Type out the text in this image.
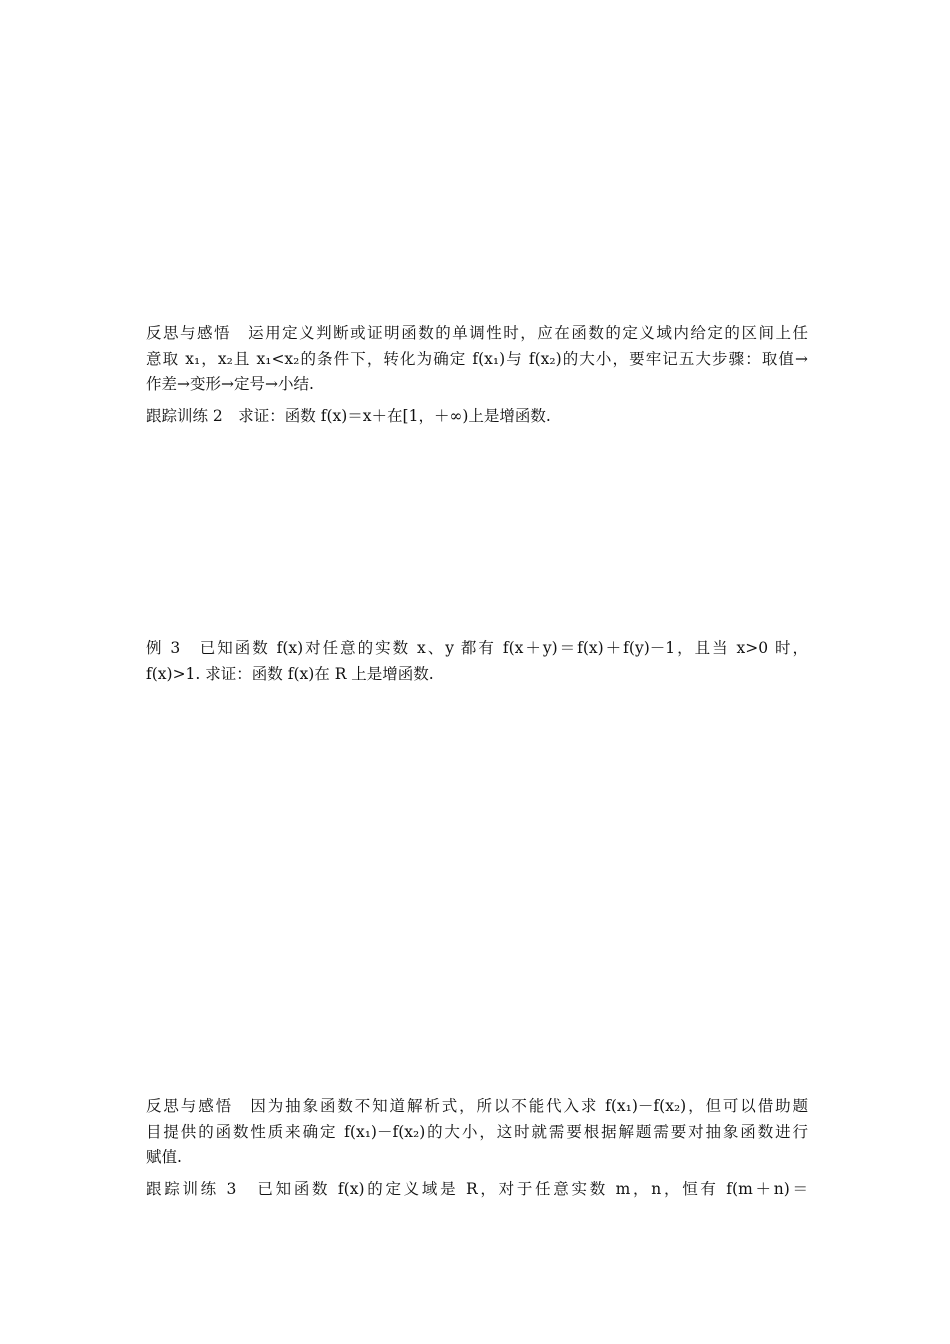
反思与感悟　运用定义判断或证明函数的单调性时，应在函数的定义域内给定的区间上任
意取 x₁，x₂且 x₁<x₂的条件下，转化为确定 f(x₁)与 f(x₂)的大小，要牢记五大步骤：取值→
作差→变形→定号→小结.
跟踪训练 2　求证：函数 f(x)＝x＋在[1，＋∞)上是增函数.
例 3　已知函数 f(x)对任意的实数 x、y 都有 f(x＋y)＝f(x)＋f(y)－1，且当 x>0 时，
f(x)>1. 求证：函数 f(x)在 R 上是增函数.
反思与感悟　因为抽象函数不知道解析式，所以不能代入求 f(x₁)－f(x₂)，但可以借助题
目提供的函数性质来确定 f(x₁)－f(x₂)的大小，这时就需要根据解题需要对抽象函数进行
赋值.
跟踪训练 3　已知函数 f(x)的定义域是 R，对于任意实数 m，n，恒有 f(m＋n)＝
